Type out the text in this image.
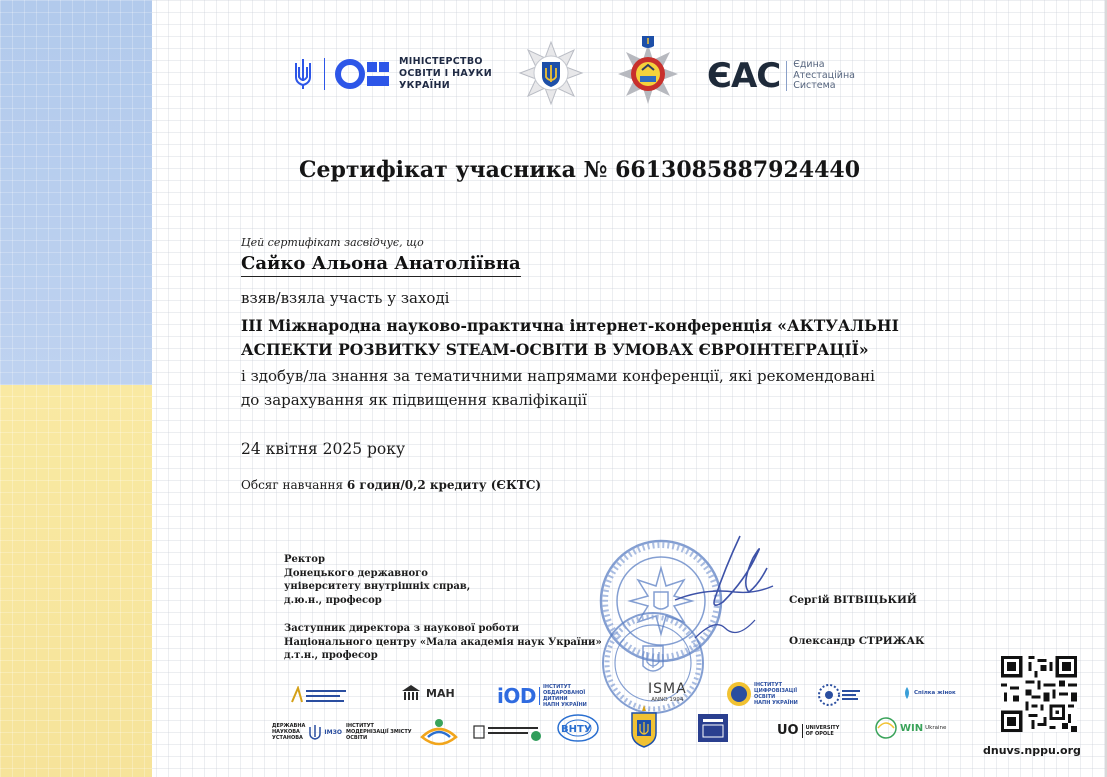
МІНІСТЕРСТВО
ОСВІТИ І НАУКИ
УКРАЇНИ	ЄАС Єдина
Атестаційна
Система
Сертифікат учасника № 6613085887924440
Цей сертифікат засвідчує, що
Сайко Альона Анатоліївна
взяв/взяла участь у заході
ІІІ Міжнародна науково-практична інтернет-конференція «АКТУАЛЬНІ
АСПЕКТИ РОЗВИТКУ STEAM-ОСВІТИ В УМОВАХ ЄВРОІНТЕГРАЦІЇ»
і здобув/ла знання за тематичними напрямами конференції, які рекомендовані
до зарахування як підвищення кваліфікації
24 квітня 2025 року
Обсяг навчання 6 годин/0,2 кредиту (ЄКТС)
Ректор
Донецького державного
університету внутрішніх справ,
д.ю.н., професор	Сергій ВІТВІЦЬКИЙ
Заступник директора з наукової роботи
Національного центру «Мала академія наук України»
д.т.н., професор
Олександр СТРИЖАК
MAH iOD ІНСТИТУТ
ОБДАРОВАНОЇ
ДИТИНИ
НАПН УКРАЇНИ
ISMA
ANNO 1994
ІНСТИТУТ
ЦИФРОВІЗАЦІЇ
ОСВІТИ
НАПН УКРАЇНИ
Спілка жінок
ДЕРЖАВНА
НАУКОВА
УСТАНОВА
ІМЗО
ІНСТИТУТ
МОДЕРНІЗАЦІЇ ЗМІСТУ
ОСВІТИ
ВНТУ	UO UNIVERSITY
OF OPOLE	WIN Ukraine
dnuvs.nppu.org
